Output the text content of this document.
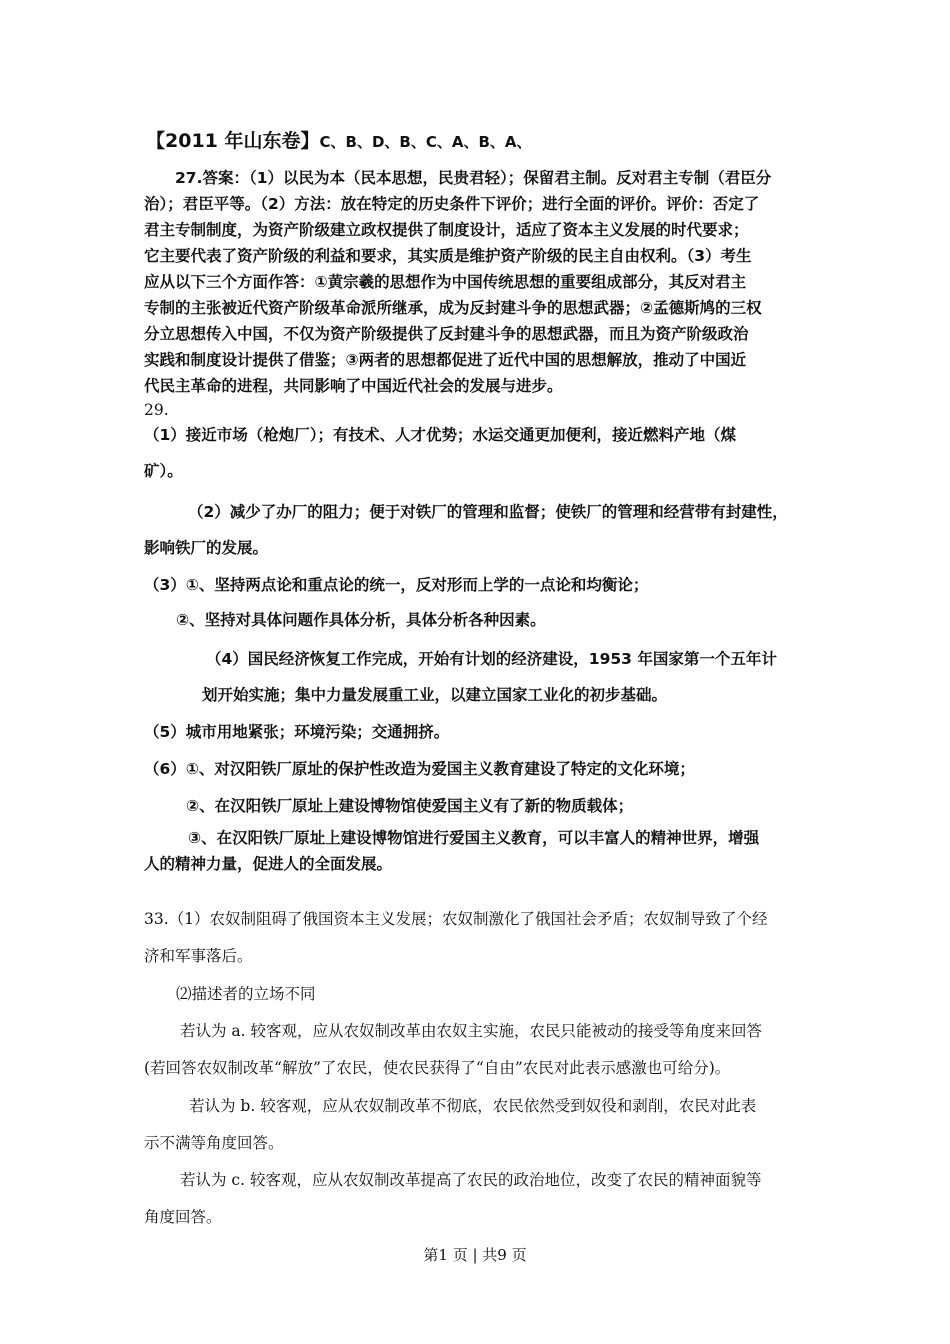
【2011 年山东卷】C、B、D、B、C、A、B、A、
27.答案：（1）以民为本（民本思想，民贵君轻）；保留君主制。反对君主专制（君臣分
治）；君臣平等。（2）方法：放在特定的历史条件下评价；进行全面的评价。评价：否定了
君主专制制度，为资产阶级建立政权提供了制度设计，适应了资本主义发展的时代要求；
它主要代表了资产阶级的利益和要求，其实质是维护资产阶级的民主自由权利。（3）考生
应从以下三个方面作答：①黄宗羲的思想作为中国传统思想的重要组成部分，其反对君主
专制的主张被近代资产阶级革命派所继承，成为反封建斗争的思想武器；②孟德斯鸠的三权
分立思想传入中国，不仅为资产阶级提供了反封建斗争的思想武器，而且为资产阶级政治
实践和制度设计提供了借鉴；③两者的思想都促进了近代中国的思想解放，推动了中国近
代民主革命的进程，共同影响了中国近代社会的发展与进步。
29.
（1）接近市场（枪炮厂）；有技术、人才优势；水运交通更加便利，接近燃料产地（煤
矿）。
（2）减少了办厂的阻力；便于对铁厂的管理和监督；使铁厂的管理和经营带有封建性，
影响铁厂的发展。
（3）①、坚持两点论和重点论的统一，反对形而上学的一点论和均衡论；
②、坚持对具体问题作具体分析，具体分析各种因素。
（4）国民经济恢复工作完成，开始有计划的经济建设，1953 年国家第一个五年计
划开始实施；集中力量发展重工业，以建立国家工业化的初步基础。
（5）城市用地紧张；环境污染；交通拥挤。
（6）①、对汉阳铁厂原址的保护性改造为爱国主义教育建设了特定的文化环境；
②、在汉阳铁厂原址上建设博物馆使爱国主义有了新的物质载体；
③、在汉阳铁厂原址上建设博物馆进行爱国主义教育，可以丰富人的精神世界，增强
人的精神力量，促进人的全面发展。
33.（1）农奴制阻碍了俄国资本主义发展；农奴制激化了俄国社会矛盾；农奴制导致了个经
济和军事落后。
⑵描述者的立场不同
若认为 a. 较客观，应从农奴制改革由农奴主实施，农民只能被动的接受等角度来回答
(若回答农奴制改革“解放”了农民，使农民获得了“自由”农民对此表示感激也可给分)。
若认为 b. 较客观，应从农奴制改革不彻底，农民依然受到奴役和剥削，农民对此表
示不满等角度回答。
若认为 c. 较客观，应从农奴制改革提高了农民的政治地位，改变了农民的精神面貌等
角度回答。
第1 页 | 共9 页
